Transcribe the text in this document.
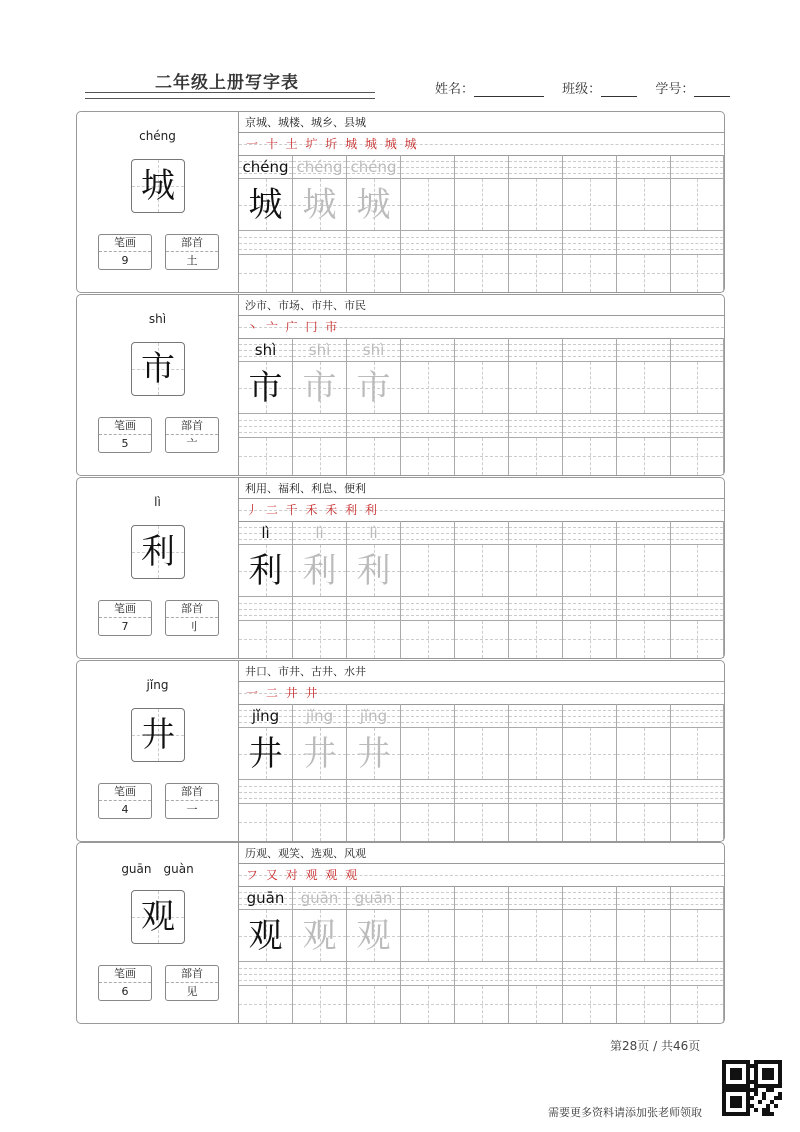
二年级上册写字表	姓名：	班级：	学号：
chéng
城
笔画
9
部首
土
京城、城楼、城乡、县城
一 十 土 圹 圻 城 城 城 城
chéng
城
chéng
城
chéng
城
shì
市
笔画
5
部首
亠
沙市、市场、市井、市民
丶 亠 广 冂 市
shì
市
shì
市
shì
市
lì
利
笔画
7
部首
刂
利用、福利、利息、便利
丿 二 千 禾 禾 利 利
lì
利
lì
利
lì
利
jǐng
井
笔画
4
部首
一
井口、市井、古井、水井
一 二 井 井
jǐng
井
jǐng
井
jǐng
井
guān　guàn
观
笔画
6
部首
见
历观、观笑、选观、风观
フ 又 对 观 观 观
guān
观
guān
观
guān
观
第28页 / 共46页
需要更多资料请添加张老师领取
